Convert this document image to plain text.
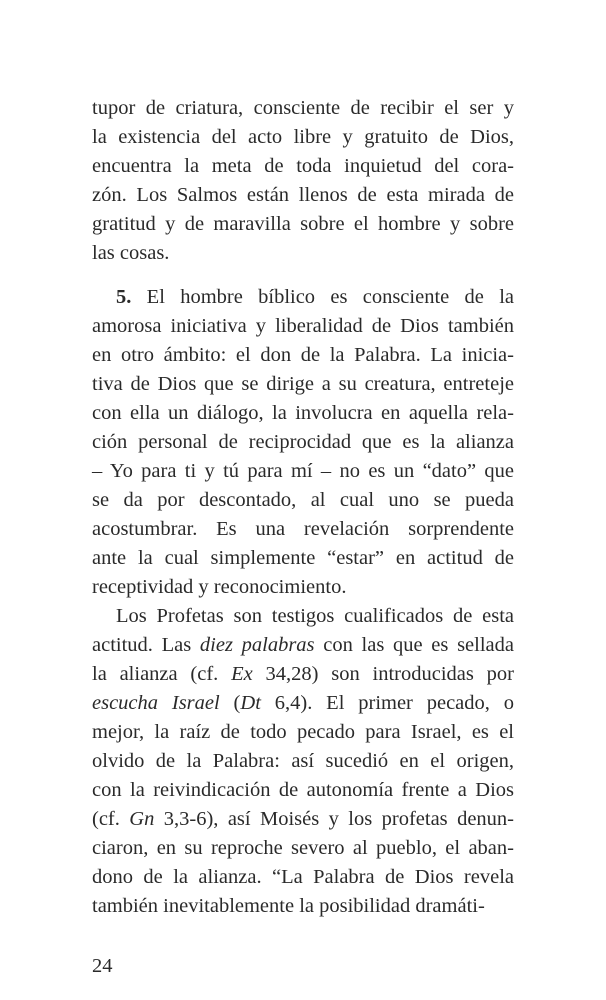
tupor de criatura, consciente de recibir el ser y
la existencia del acto libre y gratuito de Dios,
encuentra la meta de toda inquietud del cora-
zón. Los Salmos están llenos de esta mirada de
gratitud y de maravilla sobre el hombre y sobre
las cosas.
5. El hombre bíblico es consciente de la
amorosa iniciativa y liberalidad de Dios también
en otro ámbito: el don de la Palabra. La inicia-
tiva de Dios que se dirige a su creatura, entreteje
con ella un diálogo, la involucra en aquella rela-
ción personal de reciprocidad que es la alianza
– Yo para ti y tú para mí – no es un “dato” que
se da por descontado, al cual uno se pueda
acostumbrar. Es una revelación sorprendente
ante la cual simplemente “estar” en actitud de
receptividad y reconocimiento.
Los Profetas son testigos cualificados de esta
actitud. Las diez palabras con las que es sellada
la alianza (cf. Ex 34,28) son introducidas por
escucha Israel (Dt 6,4). El primer pecado, o
mejor, la raíz de todo pecado para Israel, es el
olvido de la Palabra: así sucedió en el origen,
con la reivindicación de autonomía frente a Dios
(cf. Gn 3,3-6), así Moisés y los profetas denun-
ciaron, en su reproche severo al pueblo, el aban-
dono de la alianza. “La Palabra de Dios revela
también inevitablemente la posibilidad dramáti-
24
